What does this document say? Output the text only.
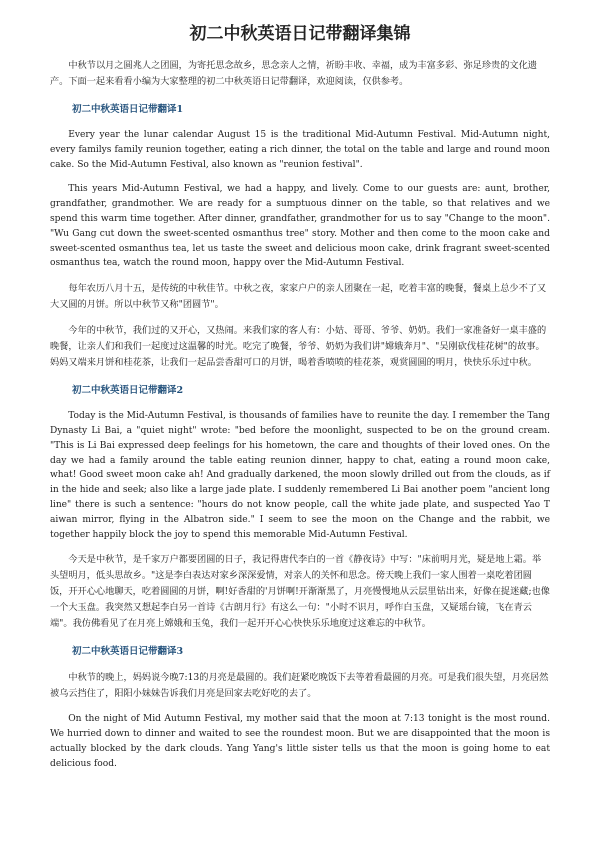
初二中秋英语日记带翻译集锦

中秋节以月之圆兆人之团圆，为寄托思念故乡，思念亲人之情，祈盼丰收、幸福，成为丰富多彩、弥足珍贵的文化遗产。下面一起来看看小编为大家整理的初二中秋英语日记带翻译，欢迎阅读，仅供参考。

初二中秋英语日记带翻译1

Every year the lunar calendar August 15 is the traditional Mid-Autumn Festival. Mid-Autumn night, every familys family reunion together, eating a rich dinner, the total on the table and large and round moon cake. So the Mid-Autumn Festival, also known as "reunion festival".

This years Mid-Autumn Festival, we had a happy, and lively. Come to our guests are: aunt, brother, grandfather, grandmother. We are ready for a sumptuous dinner on the table, so that relatives and we spend this warm time together. After dinner, grandfather, grandmother for us to say "Change to the moon". "Wu Gang cut down the sweet-scented osmanthus tree" story. Mother and then come to the moon cake and sweet-scented osmanthus tea, let us taste the sweet and delicious moon cake, drink fragrant sweet-scented osmanthus tea, watch the round moon, happy over the Mid-Autumn Festival.

每年农历八月十五，是传统的中秋佳节。中秋之夜，家家户户的亲人团聚在一起，吃着丰富的晚餐，餐桌上总少不了又大又圆的月饼。所以中秋节又称"团圆节"。

今年的中秋节，我们过的又开心，又热闹。来我们家的客人有：小姑、哥哥、爷爷、奶奶。我们一家准备好一桌丰盛的晚餐，让亲人们和我们一起度过这温馨的时光。吃完了晚餐，爷爷、奶奶为我们讲"嫦娥奔月"、"吴刚砍伐桂花树"的故事。妈妈又端来月饼和桂花茶，让我们一起品尝香甜可口的月饼，喝着香喷喷的桂花茶，观赏圆圆的明月，快快乐乐过中秋。

初二中秋英语日记带翻译2

Today is the Mid-Autumn Festival, is thousands of families have to reunite the day. I remember the Tang Dynasty Li Bai, a "quiet night" wrote: "bed before the moonlight, suspected to be on the ground cream. "This is Li Bai expressed deep feelings for his hometown, the care and thoughts of their loved ones. On the day we had a family around the table eating reunion dinner, happy to chat, eating a round moon cake, what! Good sweet moon cake ah! And gradually darkened, the moon slowly drilled out from the clouds, as if in the hide and seek; also like a large jade plate. I suddenly remembered Li Bai another poem "ancient long line" there is such a sentence: "hours do not know people, call the white jade plate, and suspected Yao T aiwan mirror, flying in the Albatron side." I seem to see the moon on the Change and the rabbit, we together happily block the joy to spend this memorable Mid-Autumn Festival.

今天是中秋节，是千家万户都要团圆的日子，我记得唐代李白的一首《静夜诗》中写："床前明月光，疑是地上霜。举头望明月，低头思故乡。"这是李白表达对家乡深深爱情，对亲人的关怀和思念。傍天晚上我们一家人围着一桌吃着团圆饭，开开心心地聊天，吃着圆圆的月饼，啊!好香甜的'月饼啊!开渐渐黑了，月亮慢慢地从云层里钻出来，好像在捉迷藏;也像一个大玉盘。我突然又想起李白另一首诗《古朗月行》有这么一句："小时不识月，呼作白玉盘，又疑瑶台镜，飞在青云端"。我仿佛看见了在月亮上嫦娥和玉兔，我们一起开开心心快快乐乐地度过这难忘的中秋节。

初二中秋英语日记带翻译3

中秋节的晚上，妈妈说今晚7:13的月亮是最圆的。我们赶紧吃晚饭下去等着看最圆的月亮。可是我们很失望，月亮居然被乌云挡住了，阳阳小妹妹告诉我们月亮是回家去吃好吃的去了。

On the night of Mid Autumn Festival, my mother said that the moon at 7:13 tonight is the most round. We hurried down to dinner and waited to see the roundest moon. But we are disappointed that the moon is actually blocked by the dark clouds. Yang Yang's little sister tells us that the moon is going home to eat delicious food.
